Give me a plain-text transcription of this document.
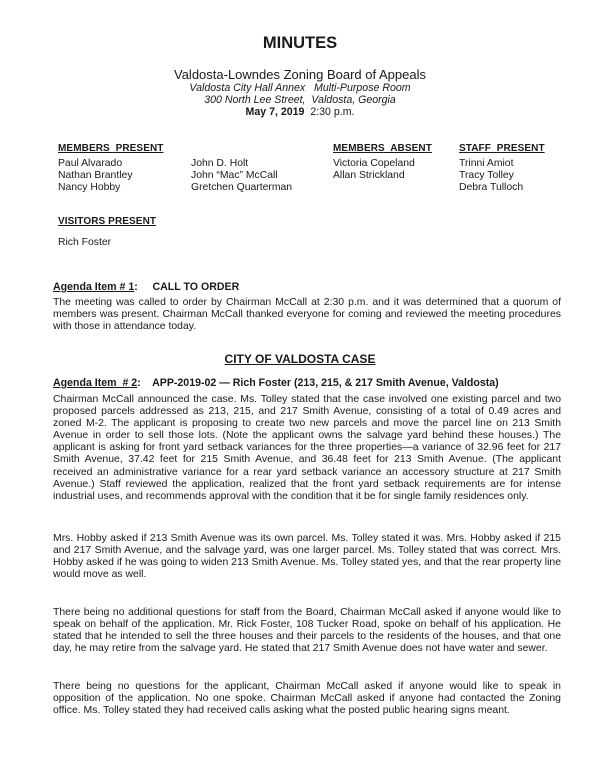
MINUTES
Valdosta-Lowndes Zoning Board of Appeals
Valdosta City Hall Annex   Multi-Purpose Room
300 North Lee Street,  Valdosta, Georgia
May 7, 2019 2:30 p.m.
MEMBERS  PRESENT
Paul Alvarado
Nathan Brantley
Nancy Hobby
John D. Holt
John “Mac” McCall
Gretchen Quarterman
MEMBERS  ABSENT
Victoria Copeland
Allan Strickland
STAFF  PRESENT
Trinni Amiot
Tracy Tolley
Debra Tulloch
VISITORS PRESENT
Rich Foster
Agenda Item # 1:     CALL TO ORDER
The meeting was called to order by Chairman McCall at 2:30 p.m. and it was determined that a quorum of members was present. Chairman McCall thanked everyone for coming and reviewed the meeting procedures with those in attendance today.
CITY OF VALDOSTA CASE
Agenda Item  # 2:    APP-2019-02 — Rich Foster (213, 215, & 217 Smith Avenue, Valdosta)
Chairman McCall announced the case. Ms. Tolley stated that the case involved one existing parcel and two proposed parcels addressed as 213, 215, and 217 Smith Avenue, consisting of a total of 0.49 acres and zoned M-2. The applicant is proposing to create two new parcels and move the parcel line on 213 Smith Avenue in order to sell those lots. (Note the applicant owns the salvage yard behind these houses.) The applicant is asking for front yard setback variances for the three properties—a variance of 32.96 feet for 217 Smith Avenue, 37.42 feet for 215 Smith Avenue, and 36.48 feet for 213 Smith Avenue. (The applicant received an administrative variance for a rear yard setback variance an accessory structure at 217 Smith Avenue.) Staff reviewed the application, realized that the front yard setback requirements are for intense industrial uses, and recommends approval with the condition that it be for single family residences only.
Mrs. Hobby asked if 213 Smith Avenue was its own parcel. Ms. Tolley stated it was. Mrs. Hobby asked if 215 and 217 Smith Avenue, and the salvage yard, was one larger parcel. Ms. Tolley stated that was correct. Mrs. Hobby asked if he was going to widen 213 Smith Avenue. Ms. Tolley stated yes, and that the rear property line would move as well.
There being no additional questions for staff from the Board, Chairman McCall asked if anyone would like to speak on behalf of the application. Mr. Rick Foster, 108 Tucker Road, spoke on behalf of his application. He stated that he intended to sell the three houses and their parcels to the residents of the houses, and that one day, he may retire from the salvage yard. He stated that 217 Smith Avenue does not have water and sewer.
There being no questions for the applicant, Chairman McCall asked if anyone would like to speak in opposition of the application. No one spoke. Chairman McCall asked if anyone had contacted the Zoning office. Ms. Tolley stated they had received calls asking what the posted public hearing signs meant.
